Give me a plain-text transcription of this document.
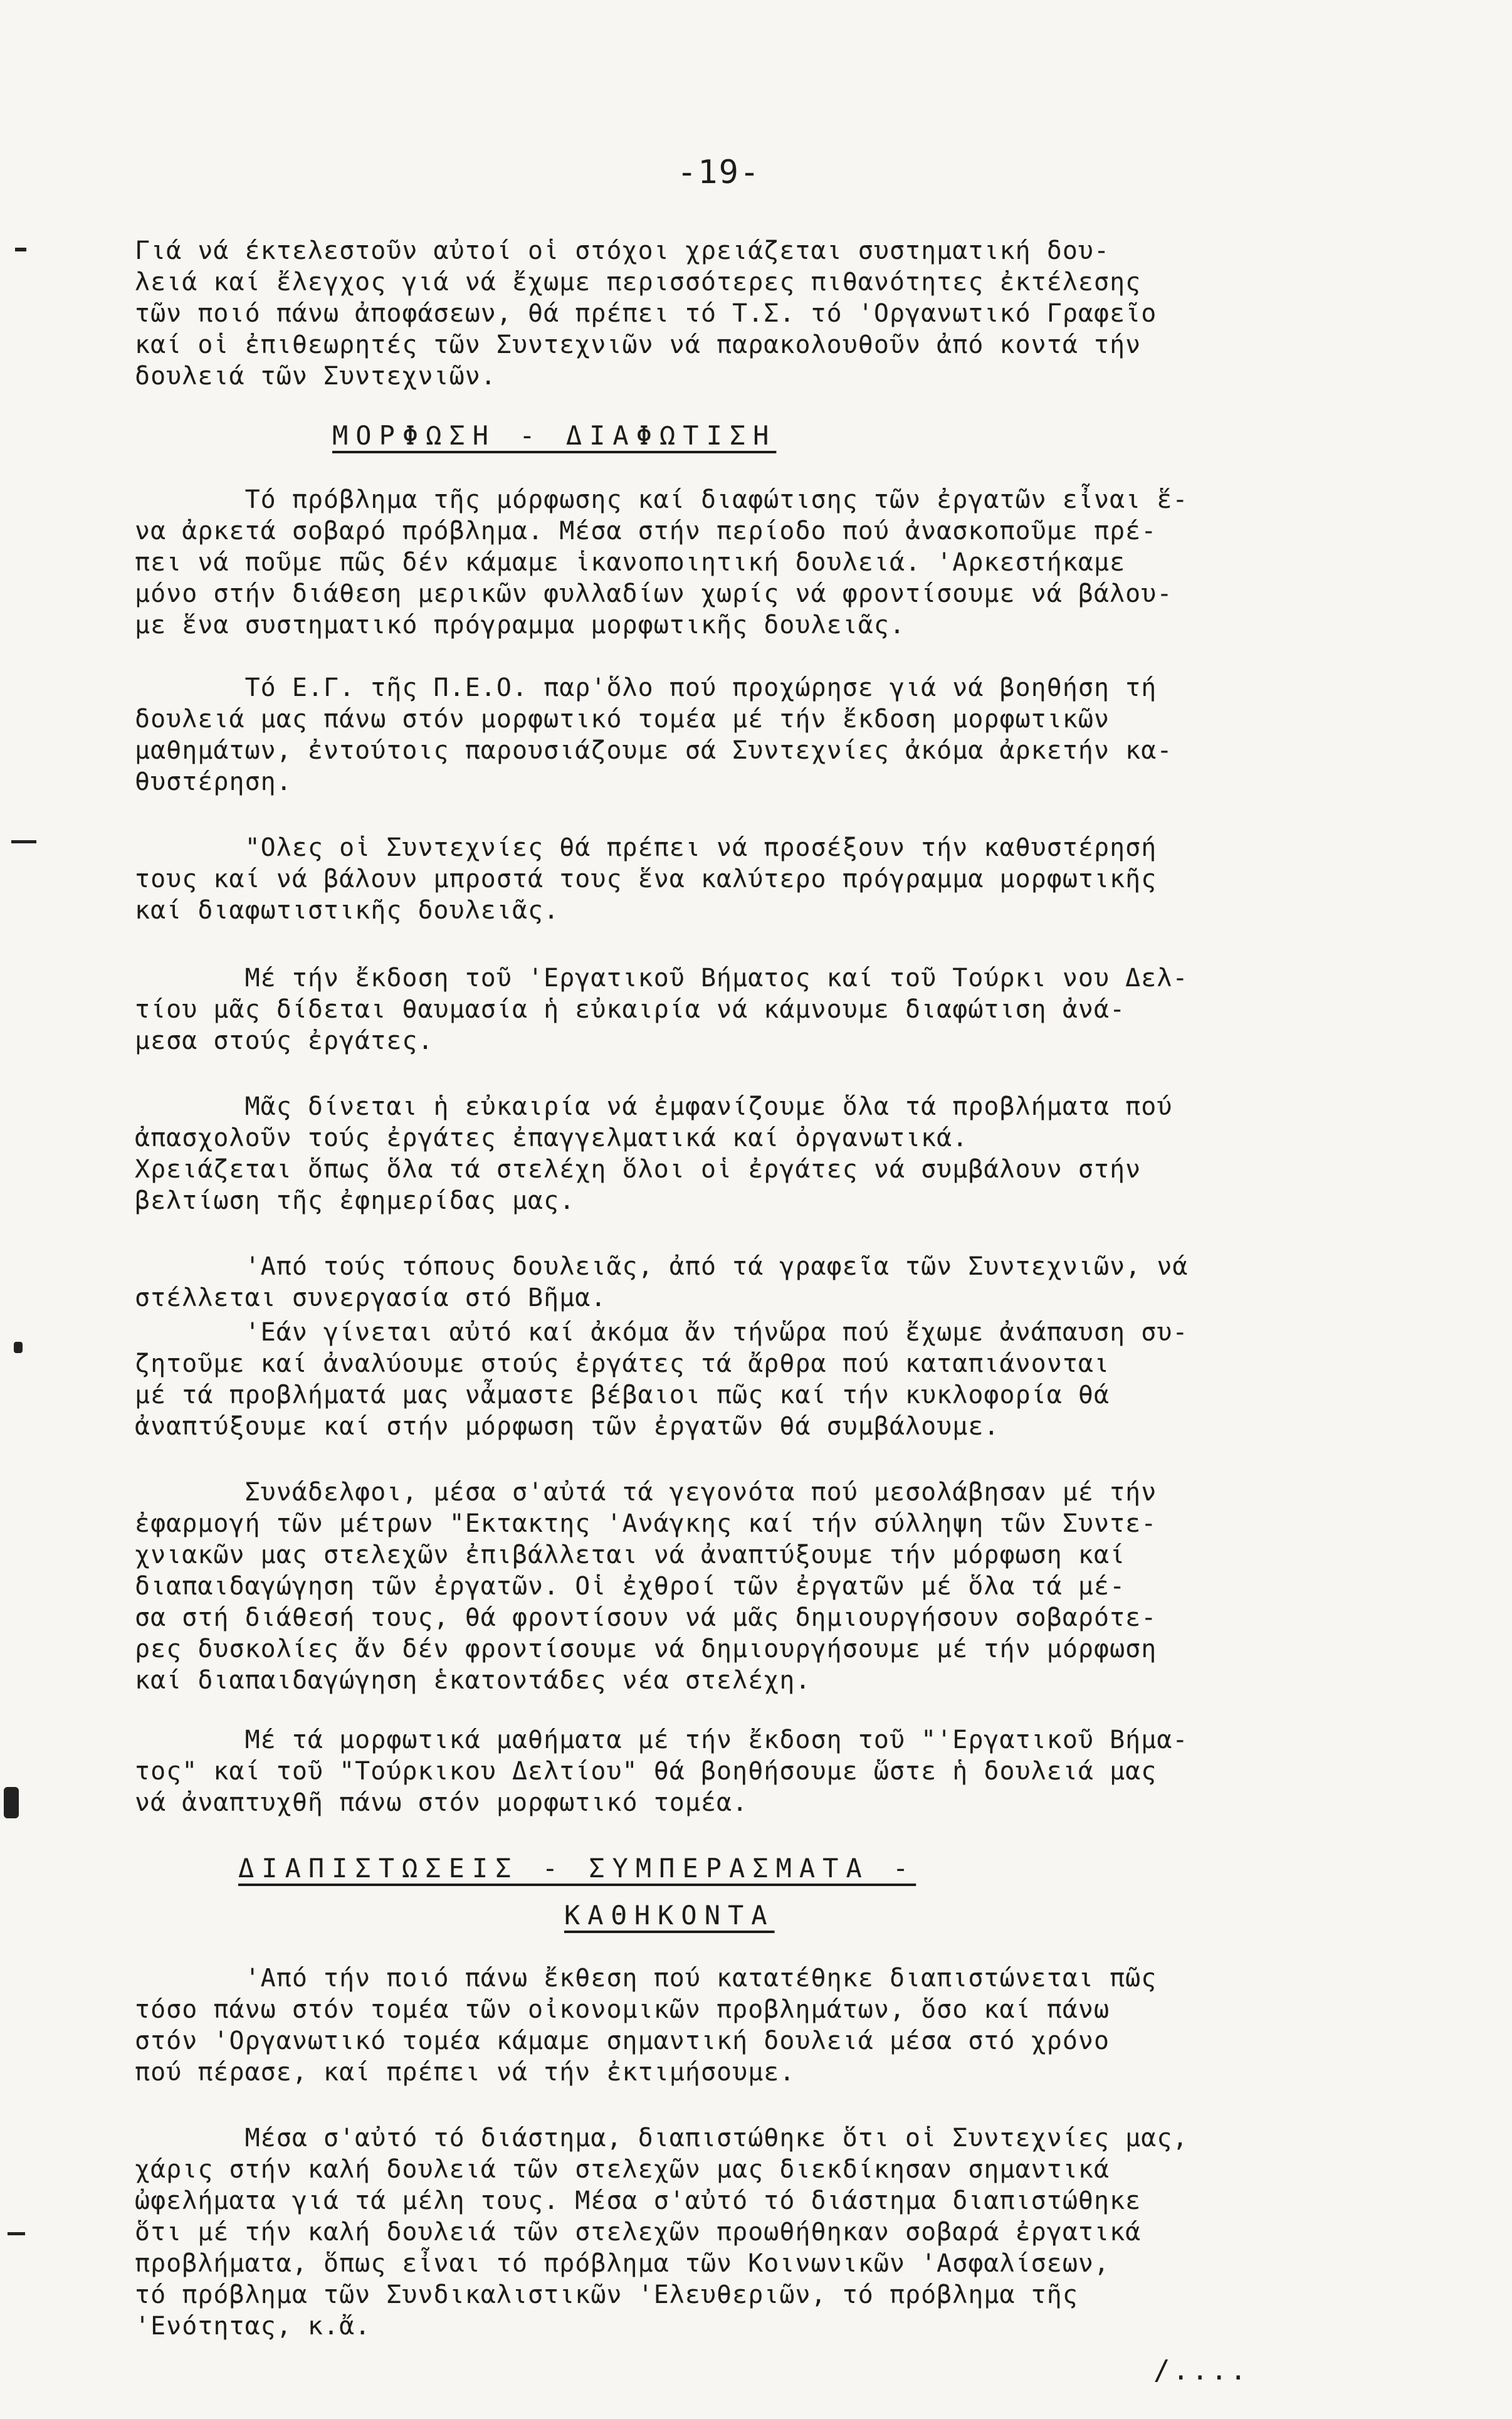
-19-
Γιά νά έκτελεστοῦν αὐτοί οἱ στόχοι χρειάζεται συστηματική δου-
λειά καί ἔλεγχος γιά νά ἔχωμε περισσότερες πιθανότητες ἐκτέλεσης
τῶν ποιό πάνω ἀποφάσεων, θά πρέπει τό Τ.Σ. τό 'Οργανωτικό Γραφεῖο
καί οἱ ἐπιθεωρητές τῶν Συντεχνιῶν νά παρακολουθοῦν ἀπό κοντά τήν
δουλειά τῶν Συντεχνιῶν.
ΜΟΡΦΩΣΗ - ΔΙΑΦΩΤΙΣΗ
Τό πρόβλημα τῆς μόρφωσης καί διαφώτισης τῶν ἐργατῶν εἶναι ἕ-
να ἀρκετά σοβαρό πρόβλημα. Μέσα στήν περίοδο πού ἀνασκοποῦμε πρέ-
πει νά ποῦμε πῶς δέν κάμαμε ἱκανοποιητική δουλειά. 'Αρκεστήκαμε
μόνο στήν διάθεση μερικῶν φυλλαδίων χωρίς νά φροντίσουμε νά βάλου-
με ἕνα συστηματικό πρόγραμμα μορφωτικῆς δουλειᾶς.
Τό Ε.Γ. τῆς Π.Ε.Ο. παρ'ὅλο πού προχώρησε γιά νά βοηθήση τή
δουλειά μας πάνω στόν μορφωτικό τομέα μέ τήν ἔκδοση μορφωτικῶν
μαθημάτων, ἐντούτοις παρουσιάζουμε σά Συντεχνίες ἀκόμα ἀρκετήν κα-
θυστέρηση.
"Ολες οἱ Συντεχνίες θά πρέπει νά προσέξουν τήν καθυστέρησή
τους καί νά βάλουν μπροστά τους ἕνα καλύτερο πρόγραμμα μορφωτικῆς
καί διαφωτιστικῆς δουλειᾶς.
Μέ τήν ἔκδοση τοῦ 'Εργατικοῦ Βήματος καί τοῦ Τούρκι νου Δελ-
τίου μᾶς δίδεται θαυμασία ἡ εὐκαιρία νά κάμνουμε διαφώτιση ἀνά-
μεσα στούς ἐργάτες.
Μᾶς δίνεται ἡ εὐκαιρία νά ἐμφανίζουμε ὅλα τά προβλήματα πού
ἀπασχολοῦν τούς ἐργάτες ἐπαγγελματικά καί ὀργανωτικά.
Χρειάζεται ὅπως ὅλα τά στελέχη ὅλοι οἱ ἐργάτες νά συμβάλουν στήν
βελτίωση τῆς ἐφημερίδας μας.
'Από τούς τόπους δουλειᾶς, ἀπό τά γραφεῖα τῶν Συντεχνιῶν, νά
στέλλεται συνεργασία στό Βῆμα.
'Εάν γίνεται αὐτό καί ἀκόμα ἄν τήνὥρα πού ἔχωμε ἀνάπαυση συ-
ζητοῦμε καί ἀναλύουμε στούς ἐργάτες τά ἄρθρα πού καταπιάνονται
μέ τά προβλήματά μας νἆμαστε βέβαιοι πῶς καί τήν κυκλοφορία θά
ἀναπτύξουμε καί στήν μόρφωση τῶν ἐργατῶν θά συμβάλουμε.
Συνάδελφοι, μέσα σ'αὐτά τά γεγονότα πού μεσολάβησαν μέ τήν
ἐφαρμογή τῶν μέτρων "Εκτακτης 'Ανάγκης καί τήν σύλληψη τῶν Συντε-
χνιακῶν μας στελεχῶν ἐπιβάλλεται νά ἀναπτύξουμε τήν μόρφωση καί
διαπαιδαγώγηση τῶν ἐργατῶν. Οἱ ἐχθροί τῶν ἐργατῶν μέ ὅλα τά μέ-
σα στή διάθεσή τους, θά φροντίσουν νά μᾶς δημιουργήσουν σοβαρότε-
ρες δυσκολίες ἄν δέν φροντίσουμε νά δημιουργήσουμε μέ τήν μόρφωση
καί διαπαιδαγώγηση ἑκατοντάδες νέα στελέχη.
Μέ τά μορφωτικά μαθήματα μέ τήν ἔκδοση τοῦ "'Εργατικοῦ Βήμα-
τος" καί τοῦ "Τούρκικου Δελτίου" θά βοηθήσουμε ὥστε ἡ δουλειά μας
νά ἀναπτυχθῆ πάνω στόν μορφωτικό τομέα.
ΔΙΑΠΙΣΤΩΣΕΙΣ - ΣΥΜΠΕΡΑΣΜΑΤΑ -
ΚΑΘΗΚΟΝΤΑ
'Από τήν ποιό πάνω ἔκθεση πού κατατέθηκε διαπιστώνεται πῶς
τόσο πάνω στόν τομέα τῶν οἰκονομικῶν προβλημάτων, ὅσο καί πάνω
στόν 'Οργανωτικό τομέα κάμαμε σημαντική δουλειά μέσα στό χρόνο
πού πέρασε, καί πρέπει νά τήν ἐκτιμήσουμε.
Μέσα σ'αὐτό τό διάστημα, διαπιστώθηκε ὅτι οἱ Συντεχνίες μας,
χάρις στήν καλή δουλειά τῶν στελεχῶν μας διεκδίκησαν σημαντικά
ὠφελήματα γιά τά μέλη τους. Μέσα σ'αὐτό τό διάστημα διαπιστώθηκε
ὅτι μέ τήν καλή δουλειά τῶν στελεχῶν προωθήθηκαν σοβαρά ἐργατικά
προβλήματα, ὅπως εἶναι τό πρόβλημα τῶν Κοινωνικῶν 'Ασφαλίσεων,
τό πρόβλημα τῶν Συνδικαλιστικῶν 'Ελευθεριῶν, τό πρόβλημα τῆς
'Ενότητας, κ.ἄ.
/....
